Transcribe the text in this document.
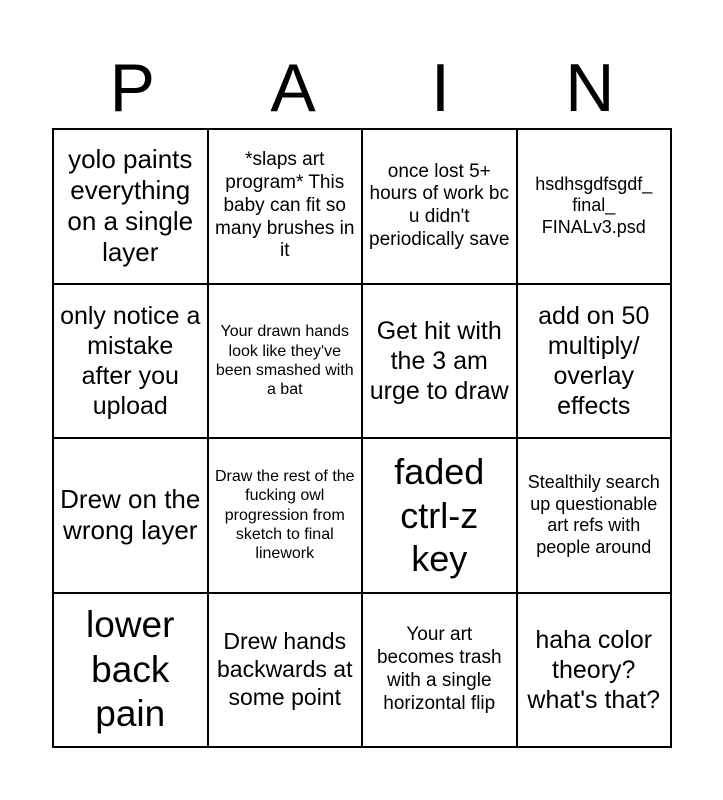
P A I N
yolo paints everything on a single layer
*slaps art program* This baby can fit so many brushes in it
once lost 5+ hours of work bc u didn't periodically save
hsdhsgdfsgdf_ final_ FINALv3.psd
only notice a mistake after you upload
Your drawn hands look like they've been smashed with a bat
Get hit with the 3 am urge to draw
add on 50 multiply/ overlay effects
Drew on the wrong layer
Draw the rest of the fucking owl progression from sketch to final linework
faded ctrl-z key
Stealthily search up questionable art refs with people around
lower back pain
Drew hands backwards at some point
Your art becomes trash with a single horizontal flip
haha color theory? what's that?
